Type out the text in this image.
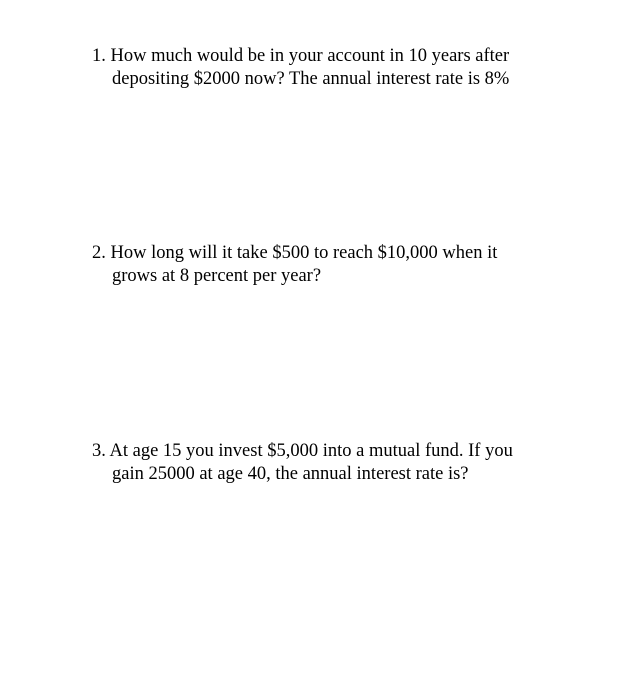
1. How much would be in your account in 10 years after
depositing $2000 now? The annual interest rate is 8%
2. How long will it take $500 to reach $10,000 when it
grows at 8 percent per year?
3. At age 15 you invest $5,000 into a mutual fund. If you
gain 25000 at age 40, the annual interest rate is?
